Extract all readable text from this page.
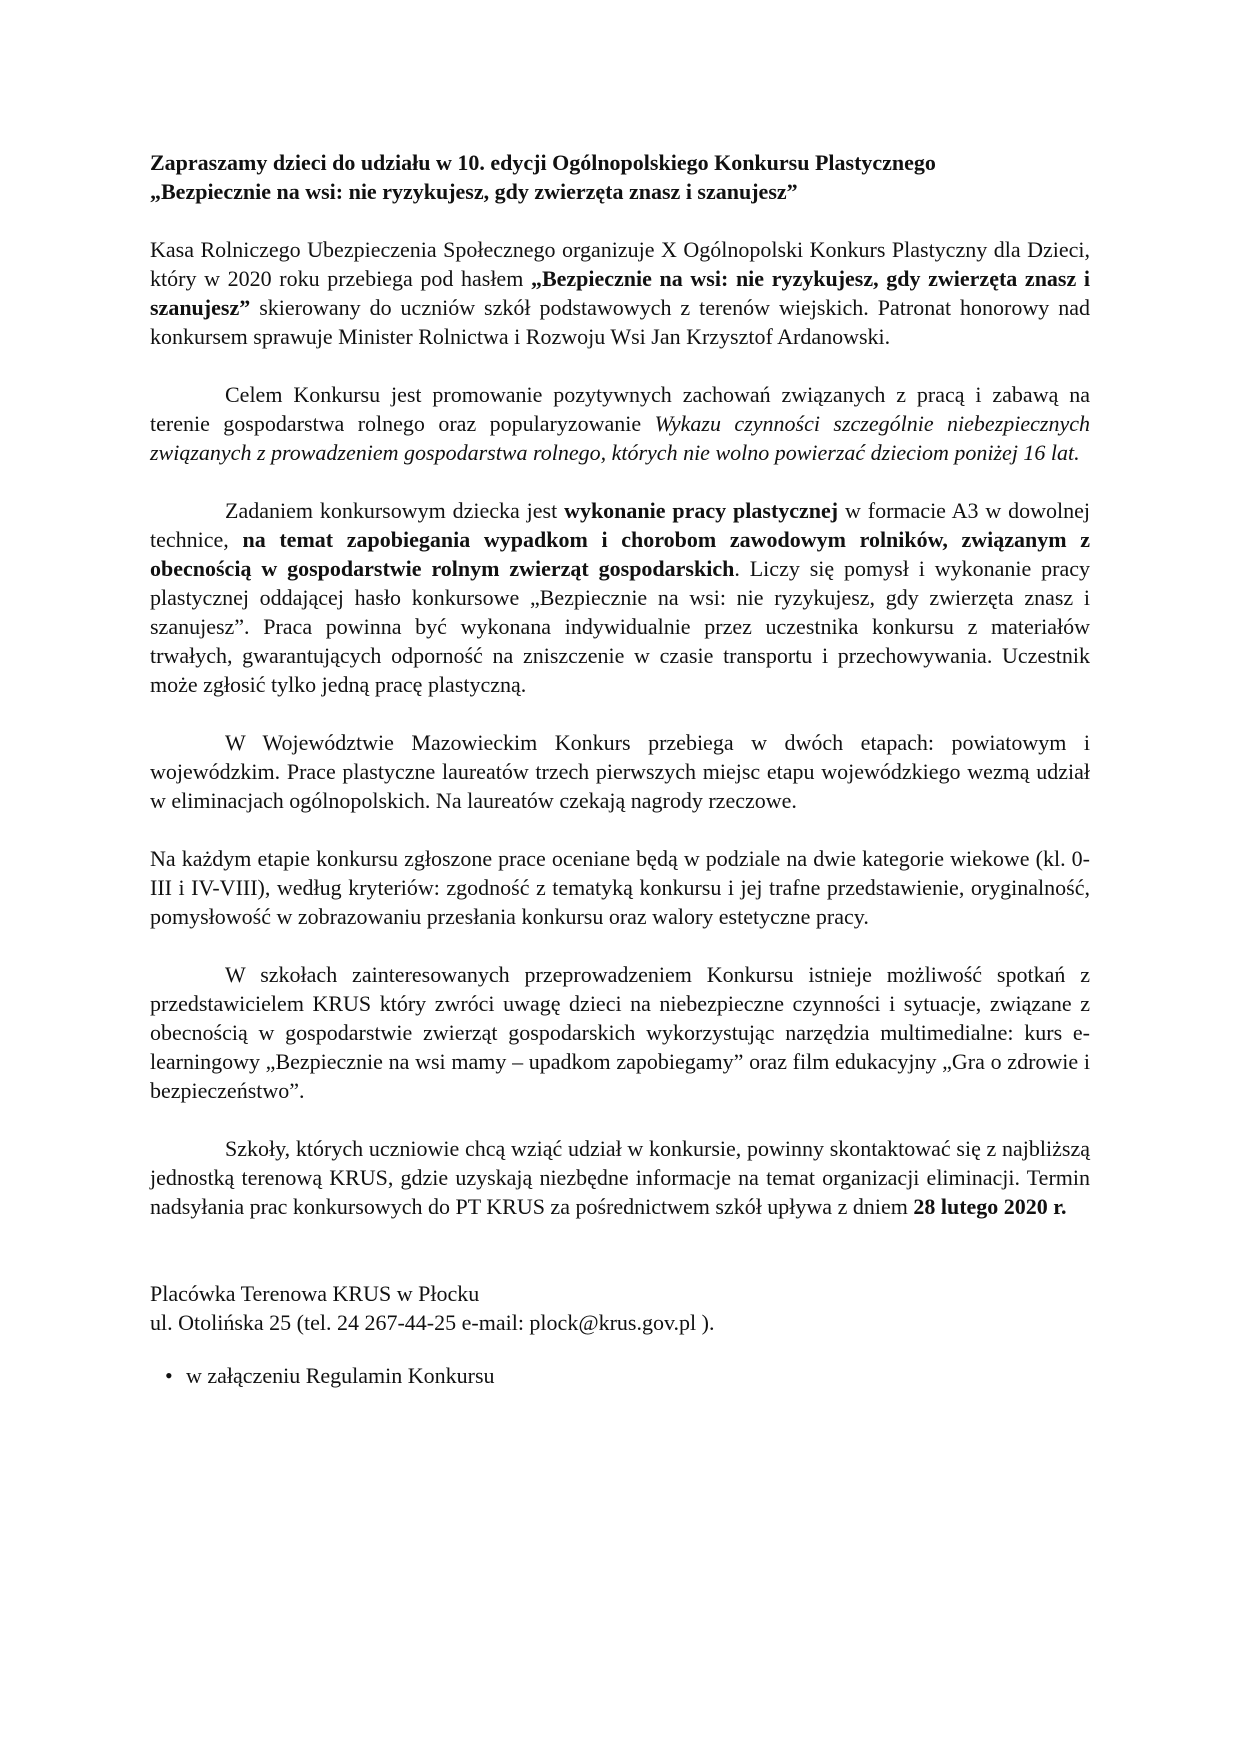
Zapraszamy dzieci do udziału w 10. edycji Ogólnopolskiego Konkursu Plastycznego
„Bezpiecznie na wsi: nie ryzykujesz, gdy zwierzęta znasz i szanujesz”

Kasa Rolniczego Ubezpieczenia Społecznego organizuje X Ogólnopolski Konkurs Plastyczny dla Dzieci, który w 2020 roku przebiega pod hasłem „Bezpiecznie na wsi: nie ryzykujesz, gdy zwierzęta znasz i szanujesz” skierowany do uczniów szkół podstawowych z terenów wiejskich. Patronat honorowy nad konkursem sprawuje Minister Rolnictwa i Rozwoju Wsi Jan Krzysztof Ardanowski.

Celem Konkursu jest promowanie pozytywnych zachowań związanych z pracą i zabawą na terenie gospodarstwa rolnego oraz popularyzowanie Wykazu czynności szczególnie niebezpiecznych związanych z prowadzeniem gospodarstwa rolnego, których nie wolno powierzać dzieciom poniżej 16 lat.

Zadaniem konkursowym dziecka jest wykonanie pracy plastycznej w formacie A3 w dowolnej technice, na temat zapobiegania wypadkom i chorobom zawodowym rolników, związanym z obecnością w gospodarstwie rolnym zwierząt gospodarskich. Liczy się pomysł i wykonanie pracy plastycznej oddającej hasło konkursowe „Bezpiecznie na wsi: nie ryzykujesz, gdy zwierzęta znasz i szanujesz”. Praca powinna być wykonana indywidualnie przez uczestnika konkursu z materiałów trwałych, gwarantujących odporność na zniszczenie w czasie transportu i przechowywania. Uczestnik może zgłosić tylko jedną pracę plastyczną.

W Województwie Mazowieckim Konkurs przebiega w dwóch etapach: powiatowym i wojewódzkim. Prace plastyczne laureatów trzech pierwszych miejsc etapu wojewódzkiego wezmą udział w eliminacjach ogólnopolskich. Na laureatów czekają nagrody rzeczowe.

Na każdym etapie konkursu zgłoszone prace oceniane będą w podziale na dwie kategorie wiekowe (kl. 0-III i IV-VIII), według kryteriów: zgodność z tematyką konkursu i jej trafne przedstawienie, oryginalność, pomysłowość w zobrazowaniu przesłania konkursu oraz walory estetyczne pracy.

W szkołach zainteresowanych przeprowadzeniem Konkursu istnieje możliwość spotkań z przedstawicielem KRUS który zwróci uwagę dzieci na niebezpieczne czynności i sytuacje, związane z obecnością w gospodarstwie zwierząt gospodarskich wykorzystując narzędzia multimedialne: kurs e-learningowy „Bezpiecznie na wsi mamy – upadkom zapobiegamy” oraz film edukacyjny „Gra o zdrowie i bezpieczeństwo”.

Szkoły, których uczniowie chcą wziąć udział w konkursie, powinny skontaktować się z najbliższą jednostką terenową KRUS, gdzie uzyskają niezbędne informacje na temat organizacji eliminacji. Termin nadsyłania prac konkursowych do PT KRUS za pośrednictwem szkół upływa z dniem 28 lutego 2020 r.

Placówka Terenowa KRUS w Płocku
ul. Otolińska 25 (tel. 24 267-44-25 e-mail: plock@krus.gov.pl ).
• w załączeniu Regulamin Konkursu
